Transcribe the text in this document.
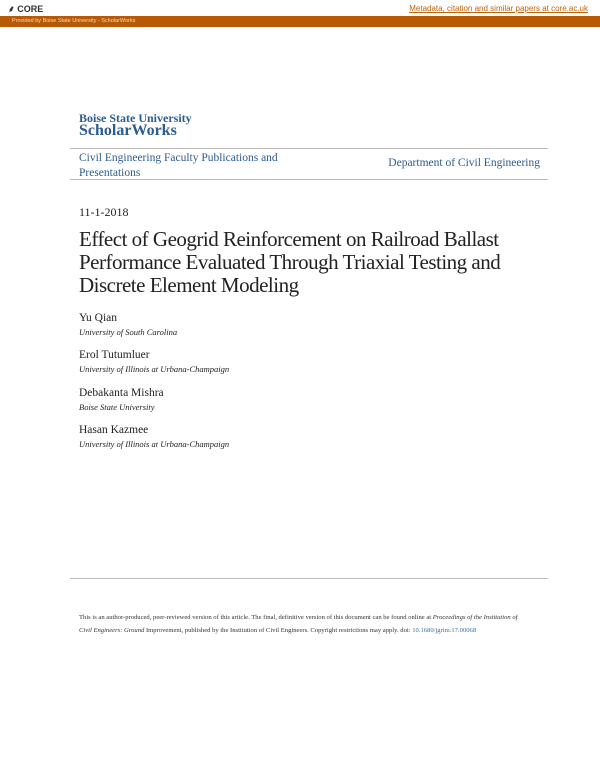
⸙ CORE	Metadata, citation and similar papers at core.ac.uk
Provided by Boise State University - ScholarWorks
Boise State University
ScholarWorks
Civil Engineering Faculty Publications and Presentations
Department of Civil Engineering
11-1-2018
Effect of Geogrid Reinforcement on Railroad Ballast Performance Evaluated Through Triaxial Testing and Discrete Element Modeling
Yu Qian
University of South Carolina
Erol Tutumluer
University of Illinois at Urbana-Champaign
Debakanta Mishra
Boise State University
Hasan Kazmee
University of Illinois at Urbana-Champaign
This is an author-produced, peer-reviewed version of this article. The final, definitive version of this document can be found online at Proceedings of the Institution of Civil Engineers: Ground Improvement, published by the Institution of Civil Engineers. Copyright restrictions may apply. doi: 10.1680/jgrim.17.00068
